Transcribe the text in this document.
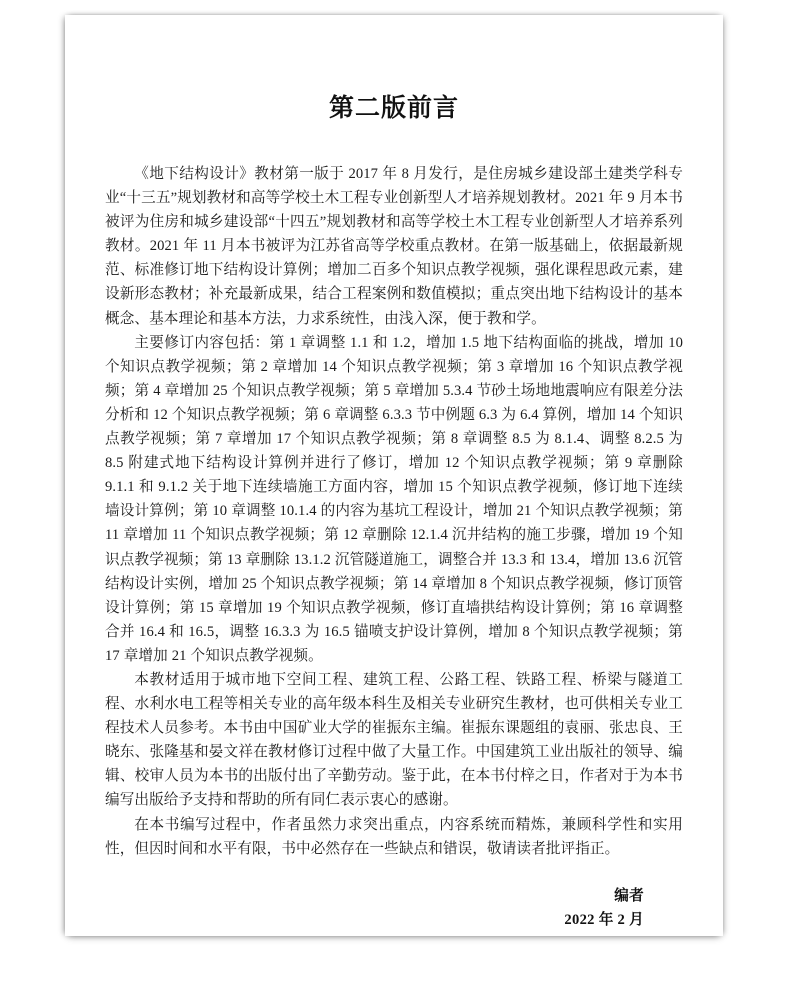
第二版前言

《地下结构设计》教材第一版于 2017 年 8 月发行，是住房城乡建设部土建类学科专业“十三五”规划教材和高等学校土木工程专业创新型人才培养规划教材。2021 年 9 月本书被评为住房和城乡建设部“十四五”规划教材和高等学校土木工程专业创新型人才培养系列教材。2021 年 11 月本书被评为江苏省高等学校重点教材。在第一版基础上，依据最新规范、标准修订地下结构设计算例；增加二百多个知识点教学视频，强化课程思政元素，建设新形态教材；补充最新成果，结合工程案例和数值模拟；重点突出地下结构设计的基本概念、基本理论和基本方法，力求系统性，由浅入深，便于教和学。

主要修订内容包括：第 1 章调整 1.1 和 1.2，增加 1.5 地下结构面临的挑战，增加 10 个知识点教学视频；第 2 章增加 14 个知识点教学视频；第 3 章增加 16 个知识点教学视频；第 4 章增加 25 个知识点教学视频；第 5 章增加 5.3.4 节砂土场地地震响应有限差分法分析和 12 个知识点教学视频；第 6 章调整 6.3.3 节中例题 6.3 为 6.4 算例，增加 14 个知识点教学视频；第 7 章增加 17 个知识点教学视频；第 8 章调整 8.5 为 8.1.4、调整 8.2.5 为 8.5 附建式地下结构设计算例并进行了修订，增加 12 个知识点教学视频；第 9 章删除 9.1.1 和 9.1.2 关于地下连续墙施工方面内容，增加 15 个知识点教学视频，修订地下连续墙设计算例；第 10 章调整 10.1.4 的内容为基坑工程设计，增加 21 个知识点教学视频；第 11 章增加 11 个知识点教学视频；第 12 章删除 12.1.4 沉井结构的施工步骤，增加 19 个知识点教学视频；第 13 章删除 13.1.2 沉管隧道施工，调整合并 13.3 和 13.4，增加 13.6 沉管结构设计实例，增加 25 个知识点教学视频；第 14 章增加 8 个知识点教学视频，修订顶管设计算例；第 15 章增加 19 个知识点教学视频，修订直墙拱结构设计算例；第 16 章调整合并 16.4 和 16.5，调整 16.3.3 为 16.5 锚喷支护设计算例，增加 8 个知识点教学视频；第 17 章增加 21 个知识点教学视频。

本教材适用于城市地下空间工程、建筑工程、公路工程、铁路工程、桥梁与隧道工程、水利水电工程等相关专业的高年级本科生及相关专业研究生教材，也可供相关专业工程技术人员参考。本书由中国矿业大学的崔振东主编。崔振东课题组的袁丽、张忠良、王晓东、张隆基和晏文祥在教材修订过程中做了大量工作。中国建筑工业出版社的领导、编辑、校审人员为本书的出版付出了辛勤劳动。鉴于此，在本书付梓之日，作者对于为本书编写出版给予支持和帮助的所有同仁表示衷心的感谢。

在本书编写过程中，作者虽然力求突出重点，内容系统而精炼，兼顾科学性和实用性，但因时间和水平有限，书中必然存在一些缺点和错误，敬请读者批评指正。

编者
2022 年 2 月
